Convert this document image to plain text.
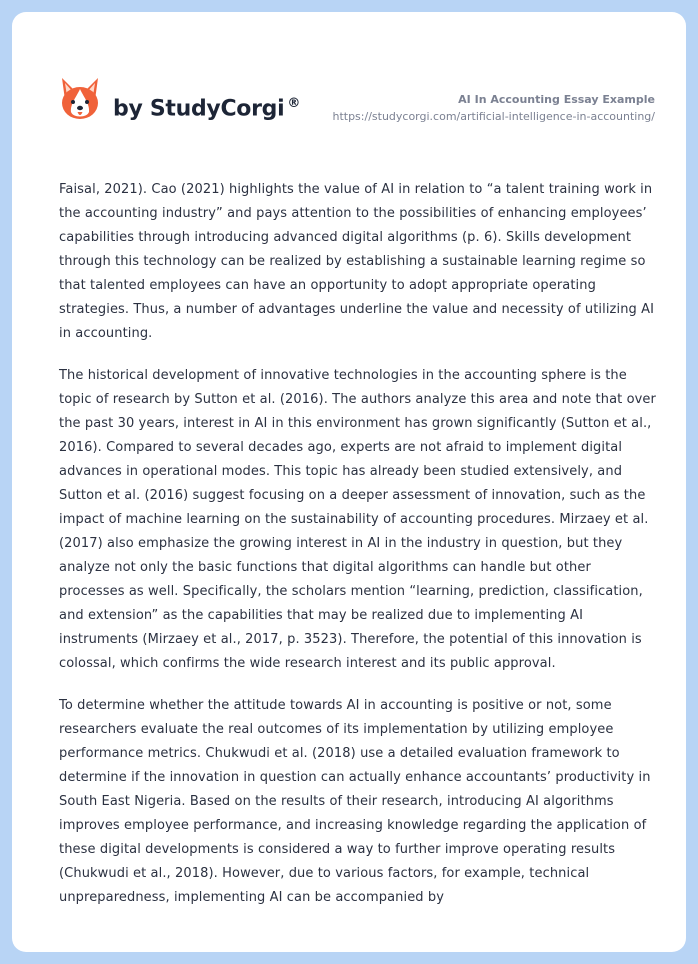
by StudyCorgi ®	AI In Accounting Essay Example
https://studycorgi.com/artificial-intelligence-in-accounting/

Faisal, 2021). Cao (2021) highlights the value of AI in relation to “a talent training work in the accounting industry” and pays attention to the possibilities of enhancing employees’ capabilities through introducing advanced digital algorithms (p. 6). Skills development through this technology can be realized by establishing a sustainable learning regime so that talented employees can have an opportunity to adopt appropriate operating strategies. Thus, a number of advantages underline the value and necessity of utilizing AI in accounting.

The historical development of innovative technologies in the accounting sphere is the topic of research by Sutton et al. (2016). The authors analyze this area and note that over the past 30 years, interest in AI in this environment has grown significantly (Sutton et al., 2016). Compared to several decades ago, experts are not afraid to implement digital advances in operational modes. This topic has already been studied extensively, and Sutton et al. (2016) suggest focusing on a deeper assessment of innovation, such as the impact of machine learning on the sustainability of accounting procedures. Mirzaey et al. (2017) also emphasize the growing interest in AI in the industry in question, but they analyze not only the basic functions that digital algorithms can handle but other processes as well. Specifically, the scholars mention “learning, prediction, classification, and extension” as the capabilities that may be realized due to implementing AI instruments (Mirzaey et al., 2017, p. 3523). Therefore, the potential of this innovation is colossal, which confirms the wide research interest and its public approval.

To determine whether the attitude towards AI in accounting is positive or not, some researchers evaluate the real outcomes of its implementation by utilizing employee performance metrics. Chukwudi et al. (2018) use a detailed evaluation framework to determine if the innovation in question can actually enhance accountants’ productivity in South East Nigeria. Based on the results of their research, introducing AI algorithms improves employee performance, and increasing knowledge regarding the application of these digital developments is considered a way to further improve operating results (Chukwudi et al., 2018). However, due to various factors, for example, technical unpreparedness, implementing AI can be accompanied by
